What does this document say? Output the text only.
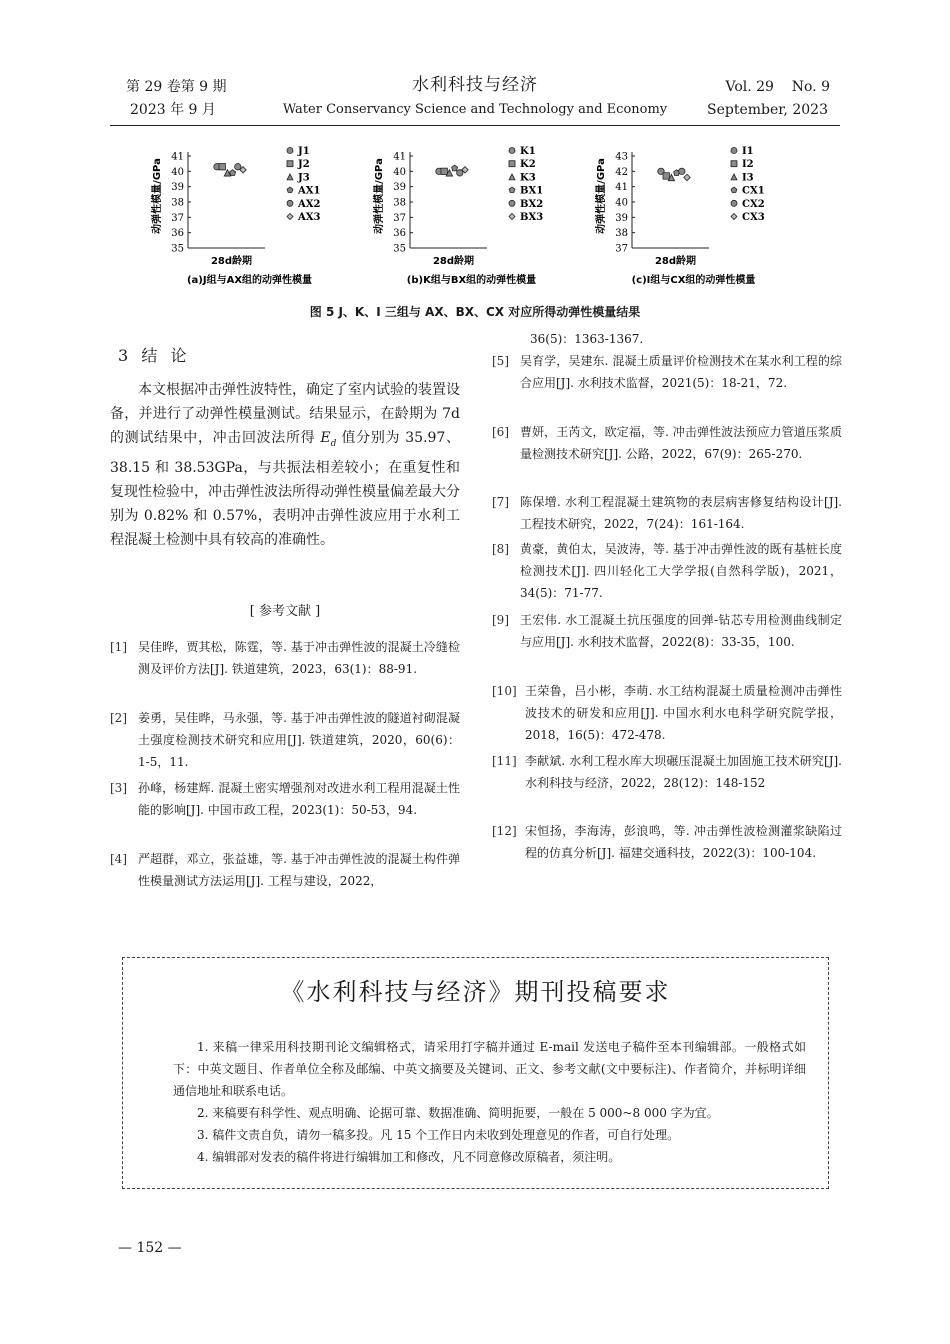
第 29 卷第 9 期
2023 年 9 月
水利科技与经济
Water Conservancy Science and Technology and Economy
Vol. 29    No. 9
September, 2023
动弹性模量/GPa
41
40
39
38
37
36
35
28d龄期
J1
J2
J3
AX1
AX2
AX3
(a)J组与AX组的动弹性模量
动弹性模量/GPa
41
40
39
38
37
36
35
28d龄期
K1
K2
K3
BX1
BX2
BX3
(b)K组与BX组的动弹性模量
动弹性模量/GPa
43
42
41
40
39
38
37
28d龄期
I1
I2
I3
CX1
CX2
CX3
(c)I组与CX组的动弹性模量
图 5 J、K、I 三组与 AX、BX、CX 对应所得动弹性模量结果
3  结  论
本文根据冲击弹性波特性，确定了室内试验的装置设备，并进行了动弹性模量测试。结果显示，在龄期为 7d 的测试结果中，冲击回波法所得 $E_d$ 值分别为 35.97、38.15 和 38.53GPa，与共振法相差较小；在重复性和复现性检验中，冲击弹性波法所得动弹性模量偏差最大分别为 0.82% 和 0.57%，表明冲击弹性波应用于水利工程混凝土检测中具有较高的准确性。
[ 参考文献 ]
[1] 吴佳晔，贾其松，陈霆，等. 基于冲击弹性波的混凝土冷缝检测及评价方法[J]. 铁道建筑，2023，63(1)：88-91.
[2] 姜勇，吴佳晔，马永强，等. 基于冲击弹性波的隧道衬砌混凝土强度检测技术研究和应用[J]. 铁道建筑，2020，60(6)：1-5，11.
[3] 孙峰，杨建辉. 混凝土密实增强剂对改进水利工程用混凝土性能的影响[J]. 中国市政工程，2023(1)：50-53，94.
[4] 严超群，邓立，张益雄，等. 基于冲击弹性波的混凝土构件弹性模量测试方法运用[J]. 工程与建设，2022，
36(5)：1363-1367.
[5] 吴育学，吴建东. 混凝土质量评价检测技术在某水利工程的综合应用[J]. 水利技术监督，2021(5)：18-21，72.
[6] 曹妍，王芮文，欧定福，等. 冲击弹性波法预应力管道压浆质量检测技术研究[J]. 公路，2022，67(9)：265-270.
[7] 陈保增. 水利工程混凝土建筑物的表层病害修复结构设计[J]. 工程技术研究，2022，7(24)：161-164.
[8] 黄豪，黄伯太，吴波涛，等. 基于冲击弹性波的既有基桩长度检测技术[J]. 四川轻化工大学学报(自然科学版)，2021，34(5)：71-77.
[9] 王宏伟. 水工混凝土抗压强度的回弹-钻芯专用检测曲线制定与应用[J]. 水利技术监督，2022(8)：33-35，100.
[10] 王荣鲁，吕小彬，李萌. 水工结构混凝土质量检测冲击弹性波技术的研发和应用[J]. 中国水利水电科学研究院学报，2018，16(5)：472-478.
[11] 李献斌. 水利工程水库大坝碾压混凝土加固施工技术研究[J]. 水利科技与经济，2022，28(12)：148-152
[12] 宋恒扬，李海涛，彭浪鸣，等. 冲击弹性波检测灌浆缺陷过程的仿真分析[J]. 福建交通科技，2022(3)：100-104.
《水利科技与经济》期刊投稿要求

1. 来稿一律采用科技期刊论文编辑格式，请采用打字稿并通过 E-mail 发送电子稿件至本刊编辑部。一般格式如下：中英文题目、作者单位全称及邮编、中英文摘要及关键词、正文、参考文献(文中要标注)、作者简介，并标明详细通信地址和联系电话。

2. 来稿要有科学性、观点明确、论据可靠、数据准确、简明扼要，一般在 5 000~8 000 字为宜。

3. 稿件文责自负，请勿一稿多投。凡 15 个工作日内未收到处理意见的作者，可自行处理。

4. 编辑部对发表的稿件将进行编辑加工和修改，凡不同意修改原稿者，须注明。

— 152 —
